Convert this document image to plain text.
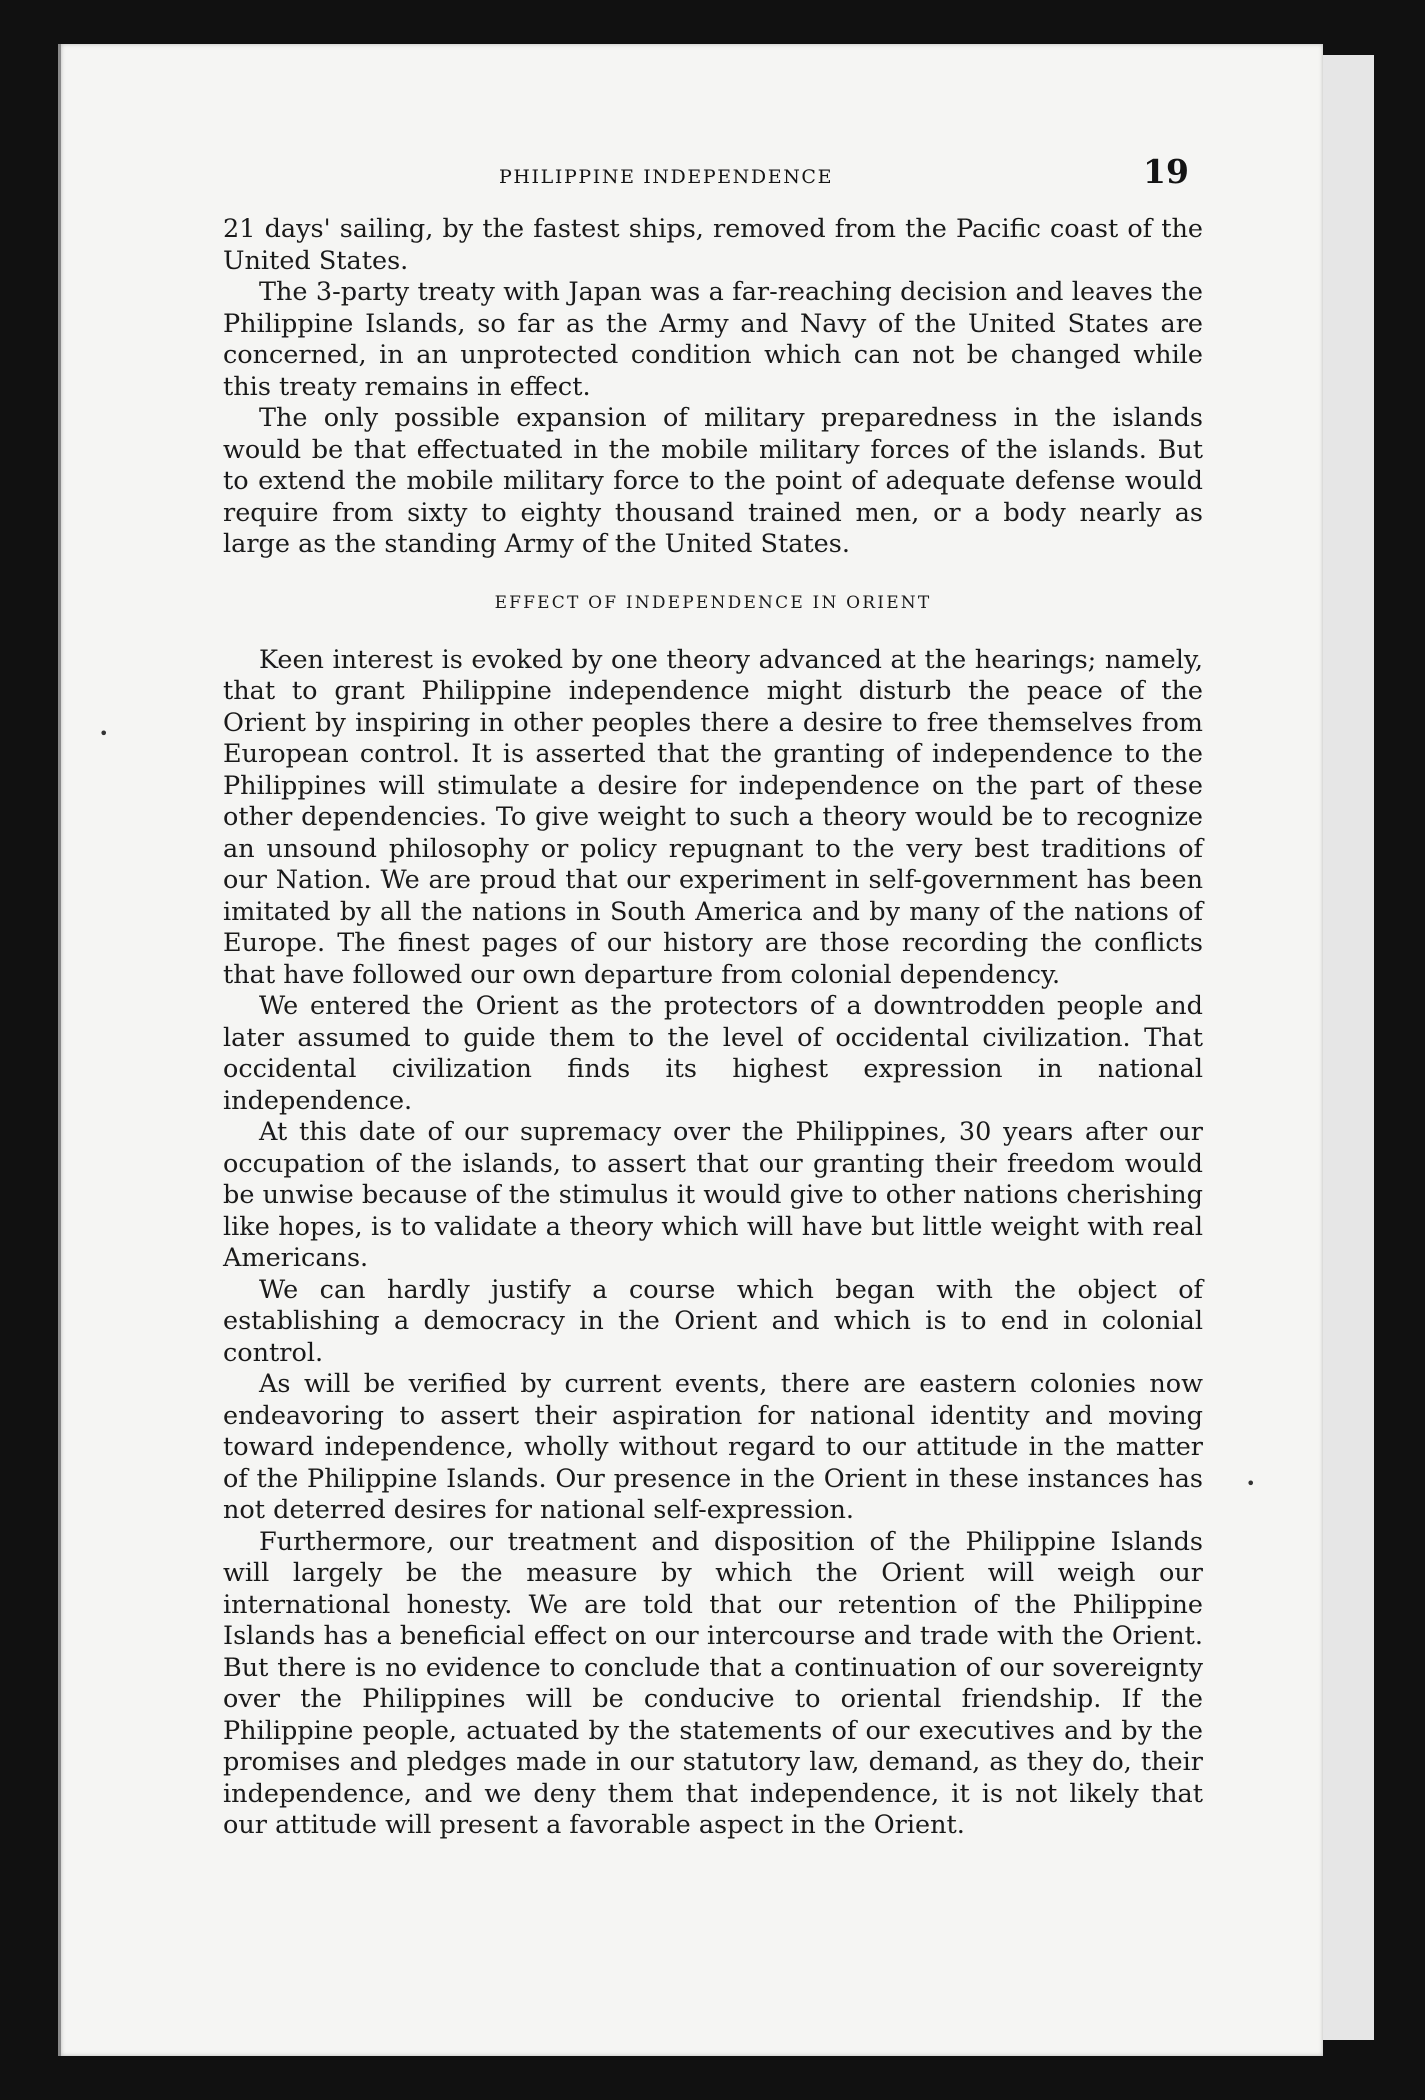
PHILIPPINE INDEPENDENCE	19

21 days' sailing, by the fastest ships, removed from the Pacific coast of the United States.

The 3-party treaty with Japan was a far-reaching decision and leaves the Philippine Islands, so far as the Army and Navy of the United States are concerned, in an unprotected condition which can not be changed while this treaty remains in effect.

The only possible expansion of military preparedness in the islands would be that effectuated in the mobile military forces of the islands. But to extend the mobile military force to the point of adequate defense would require from sixty to eighty thousand trained men, or a body nearly as large as the standing Army of the United States.

EFFECT OF INDEPENDENCE IN ORIENT

Keen interest is evoked by one theory advanced at the hearings; namely, that to grant Philippine independence might disturb the peace of the Orient by inspiring in other peoples there a desire to free themselves from European control. It is asserted that the granting of independence to the Philippines will stimulate a desire for independence on the part of these other dependencies. To give weight to such a theory would be to recognize an unsound philosophy or policy repugnant to the very best traditions of our Nation. We are proud that our experiment in self-government has been imitated by all the nations in South America and by many of the nations of Europe. The finest pages of our history are those recording the conflicts that have followed our own departure from colonial dependency.

We entered the Orient as the protectors of a downtrodden people and later assumed to guide them to the level of occidental civilization. That occidental civilization finds its highest expression in national independence.

At this date of our supremacy over the Philippines, 30 years after our occupation of the islands, to assert that our granting their freedom would be unwise because of the stimulus it would give to other nations cherishing like hopes, is to validate a theory which will have but little weight with real Americans.

We can hardly justify a course which began with the object of establishing a democracy in the Orient and which is to end in colonial control.

As will be verified by current events, there are eastern colonies now endeavoring to assert their aspiration for national identity and moving toward independence, wholly without regard to our attitude in the matter of the Philippine Islands. Our presence in the Orient in these instances has not deterred desires for national self-expression.

Furthermore, our treatment and disposition of the Philippine Islands will largely be the measure by which the Orient will weigh our international honesty. We are told that our retention of the Philippine Islands has a beneficial effect on our intercourse and trade with the Orient. But there is no evidence to conclude that a continuation of our sovereignty over the Philippines will be conducive to oriental friendship. If the Philippine people, actuated by the statements of our executives and by the promises and pledges made in our statutory law, demand, as they do, their independence, and we deny them that independence, it is not likely that our attitude will present a favorable aspect in the Orient.

•
•
